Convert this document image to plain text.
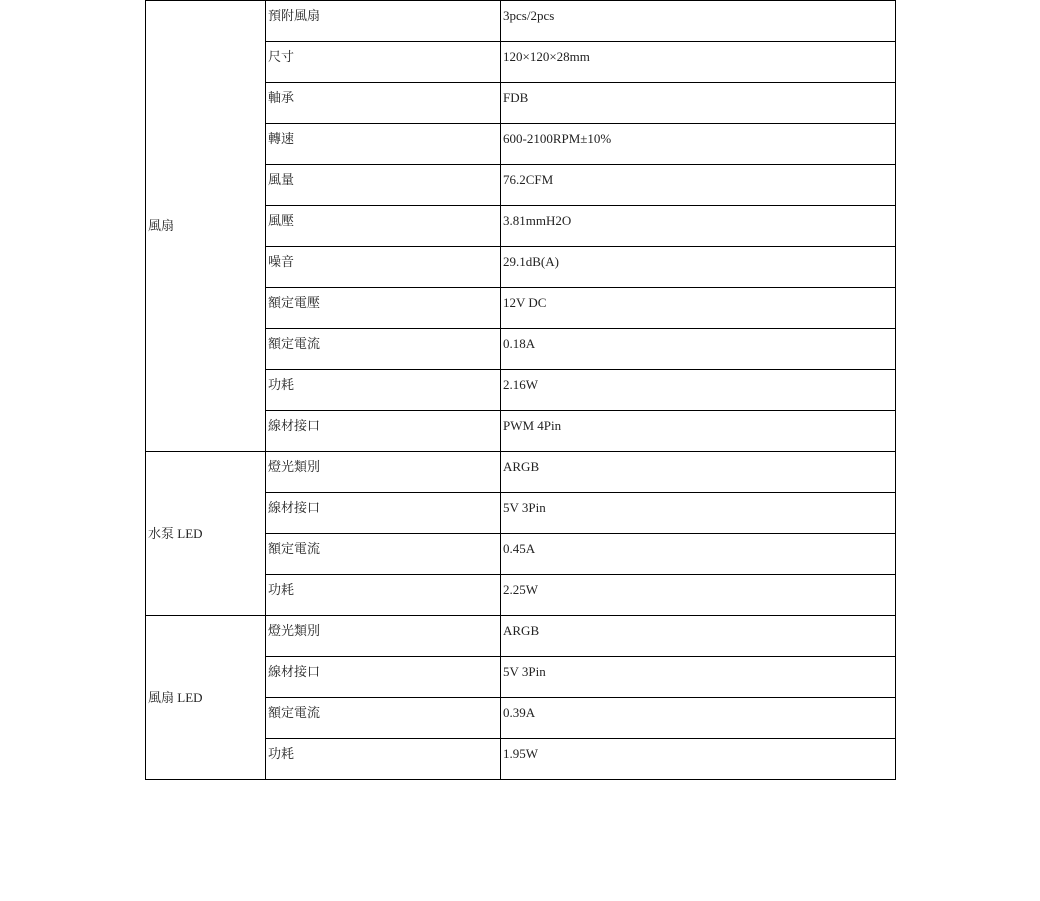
風扇	預附風扇	3pcs/2pcs

	尺寸	120×120×28mm

	軸承	FDB

	轉速	600-2100RPM±10%

	風量	76.2CFM

	風壓	3.81mmH2O

	噪音	29.1dB(A)

	額定電壓	12V DC

	額定電流	0.18A

	功耗	2.16W

	線材接口	PWM 4Pin

水泵 LED	燈光類別	ARGB

	線材接口	5V 3Pin

	額定電流	0.45A

	功耗	2.25W

風扇 LED	燈光類別	ARGB

	線材接口	5V 3Pin

	額定電流	0.39A

	功耗	1.95W
